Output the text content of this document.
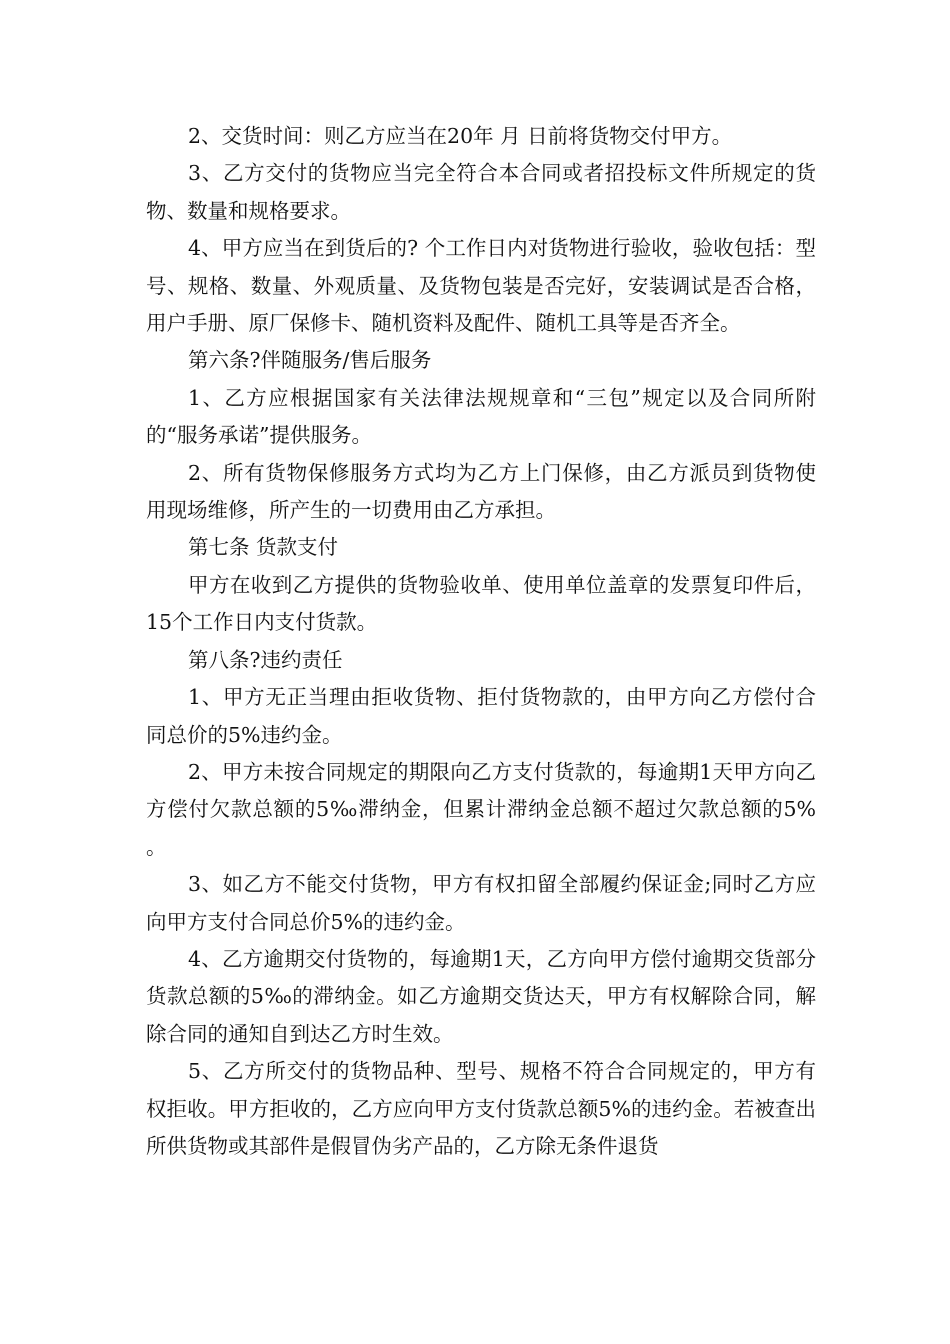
2、交货时间：则乙方应当在20年 月 日前将货物交付甲方。

3、乙方交付的货物应当完全符合本合同或者招投标文件所规定的货物、数量和规格要求。

4、甲方应当在到货后的? 个工作日内对货物进行验收，验收包括：型号、规格、数量、外观质量、及货物包装是否完好，安装调试是否合格，用户手册、原厂保修卡、随机资料及配件、随机工具等是否齐全。

第六条?伴随服务/售后服务

1、乙方应根据国家有关法律法规规章和“三包”规定以及合同所附的“服务承诺”提供服务。

2、所有货物保修服务方式均为乙方上门保修，由乙方派员到货物使用现场维修，所产生的一切费用由乙方承担。

第七条 货款支付

甲方在收到乙方提供的货物验收单、使用单位盖章的发票复印件后，15个工作日内支付货款。

第八条?违约责任

1、甲方无正当理由拒收货物、拒付货物款的，由甲方向乙方偿付合同总价的5%违约金。

2、甲方未按合同规定的期限向乙方支付货款的，每逾期1天甲方向乙方偿付欠款总额的5‰滞纳金，但累计滞纳金总额不超过欠款总额的5% 。

3、如乙方不能交付货物，甲方有权扣留全部履约保证金;同时乙方应向甲方支付合同总价5%的违约金。

4、乙方逾期交付货物的，每逾期1天，乙方向甲方偿付逾期交货部分货款总额的5‰的滞纳金。如乙方逾期交货达天，甲方有权解除合同，解除合同的通知自到达乙方时生效。

5、乙方所交付的货物品种、型号、规格不符合合同规定的，甲方有权拒收。甲方拒收的，乙方应向甲方支付货款总额5%的违约金。若被查出所供货物或其部件是假冒伪劣产品的，乙方除无条件退货
